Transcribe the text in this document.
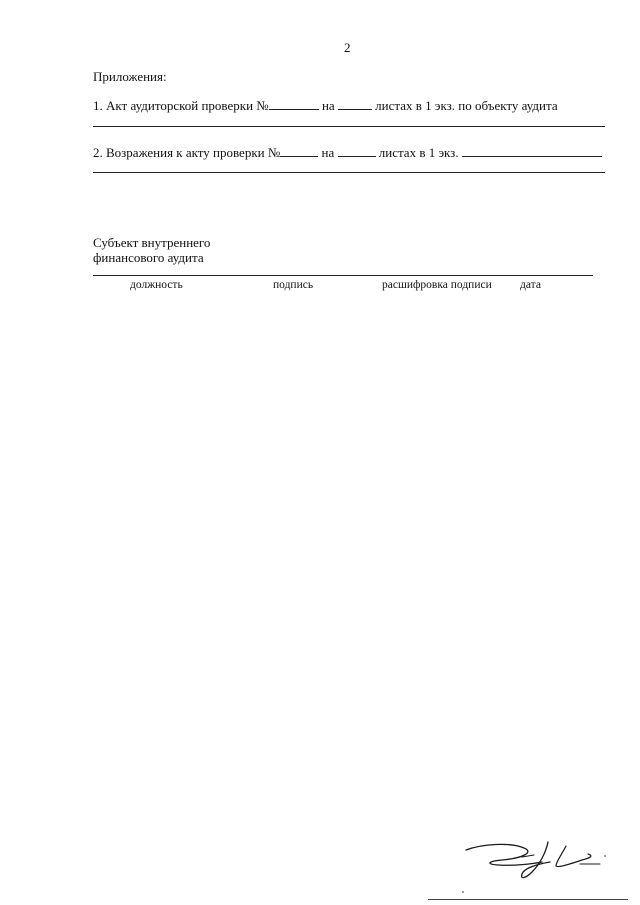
2
Приложения:
1. Акт аудиторской проверки №	на	листах в 1 экз. по объекту аудита
2. Возражения к акту проверки №	на	листах в 1 экз.
Субъект внутреннего
финансового аудита
должность	подпись	расшифровка подписи дата
